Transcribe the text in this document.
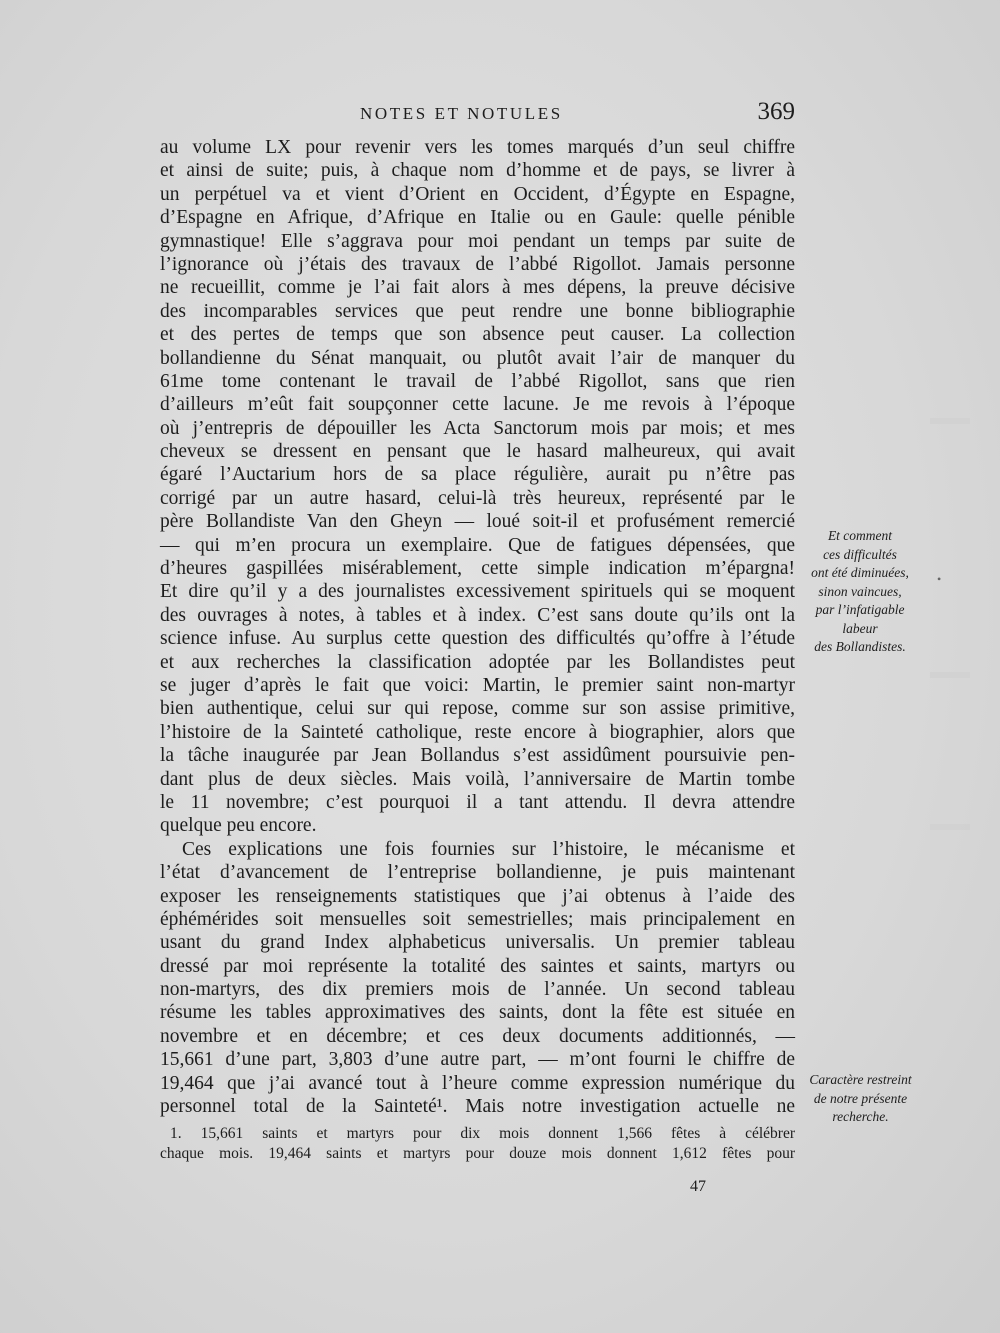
NOTES ET NOTULES	369
au volume LX pour revenir vers les tomes marqués d’un seul chiffre
et ainsi de suite; puis, à chaque nom d’homme et de pays, se livrer à
un perpétuel va et vient d’Orient en Occident, d’Égypte en Espagne,
d’Espagne en Afrique, d’Afrique en Italie ou en Gaule: quelle pénible
gymnastique! Elle s’aggrava pour moi pendant un temps par suite de
l’ignorance où j’étais des travaux de l’abbé Rigollot. Jamais personne
ne recueillit, comme je l’ai fait alors à mes dépens, la preuve décisive
des incomparables services que peut rendre une bonne bibliographie
et des pertes de temps que son absence peut causer. La collection
bollandienne du Sénat manquait, ou plutôt avait l’air de manquer du
61me tome contenant le travail de l’abbé Rigollot, sans que rien
d’ailleurs m’eût fait soupçonner cette lacune. Je me revois à l’époque
où j’entrepris de dépouiller les Acta Sanctorum mois par mois; et mes
cheveux se dressent en pensant que le hasard malheureux, qui avait
égaré l’Auctarium hors de sa place régulière, aurait pu n’être pas
corrigé par un autre hasard, celui-là très heureux, représenté par le
père Bollandiste Van den Gheyn — loué soit-il et profusément remercié
— qui m’en procura un exemplaire. Que de fatigues dépensées, que
d’heures gaspillées misérablement, cette simple indication m’épargna!
Et dire qu’il y a des journalistes excessivement spirituels qui se moquent
des ouvrages à notes, à tables et à index. C’est sans doute qu’ils ont la
science infuse. Au surplus cette question des difficultés qu’offre à l’étude
et aux recherches la classification adoptée par les Bollandistes peut
se juger d’après le fait que voici: Martin, le premier saint non-martyr
bien authentique, celui sur qui repose, comme sur son assise primitive,
l’histoire de la Sainteté catholique, reste encore à biographier, alors que
la tâche inaugurée par Jean Bollandus s’est assidûment poursuivie pen-
dant plus de deux siècles. Mais voilà, l’anniversaire de Martin tombe
le 11 novembre; c’est pourquoi il a tant attendu. Il devra attendre
quelque peu encore.
Ces explications une fois fournies sur l’histoire, le mécanisme et
l’état d’avancement de l’entreprise bollandienne, je puis maintenant
exposer les renseignements statistiques que j’ai obtenus à l’aide des
éphémérides soit mensuelles soit semestrielles; mais principalement en
usant du grand Index alphabeticus universalis. Un premier tableau
dressé par moi représente la totalité des saintes et saints, martyrs ou
non-martyrs, des dix premiers mois de l’année. Un second tableau
résume les tables approximatives des saints, dont la fête est située en
novembre et en décembre; et ces deux documents additionnés, —
15,661 d’une part, 3,803 d’une autre part, — m’ont fourni le chiffre de
19,464 que j’ai avancé tout à l’heure comme expression numérique du
personnel total de la Sainteté¹. Mais notre investigation actuelle ne
Et comment
ces difficultés
ont été diminuées,
sinon vaincues,
par l’infatigable
labeur
des Bollandistes.
Caractère restreint
de notre présente
recherche.
1. 15,661 saints et martyrs pour dix mois donnent 1,566 fêtes à célébrer
chaque mois. 19,464 saints et martyrs pour douze mois donnent 1,612 fêtes pour
47
•
